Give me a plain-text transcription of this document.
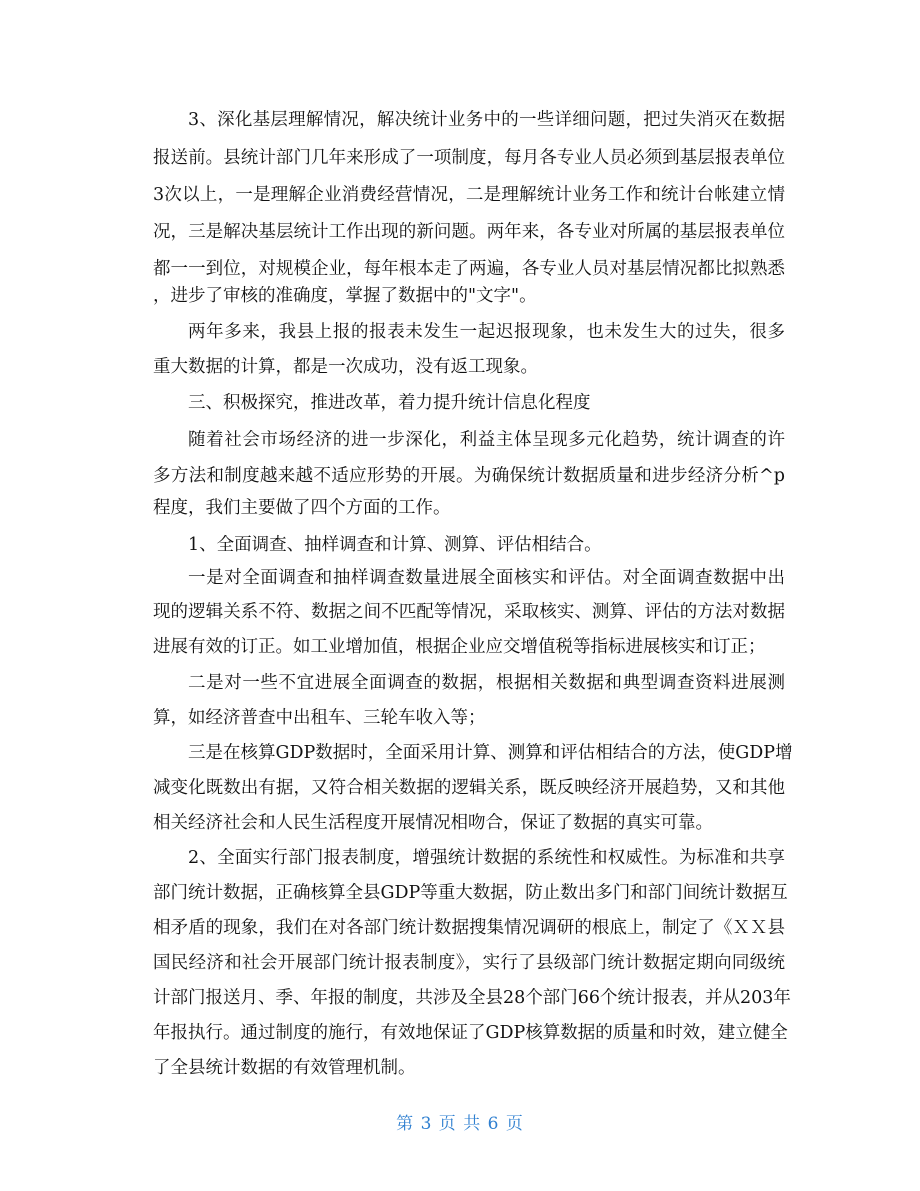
3、深化基层理解情况，解决统计业务中的一些详细问题，把过失消灭在数据
报送前。县统计部门几年来形成了一项制度，每月各专业人员必须到基层报表单位
3次以上，一是理解企业消费经营情况，二是理解统计业务工作和统计台帐建立情
况，三是解决基层统计工作出现的新问题。两年来，各专业对所属的基层报表单位
都一一到位，对规模企业，每年根本走了两遍，各专业人员对基层情况都比拟熟悉
，进步了审核的准确度，掌握了数据中的"文字"。
两年多来，我县上报的报表未发生一起迟报现象，也未发生大的过失，很多
重大数据的计算，都是一次成功，没有返工现象。
三、积极探究，推进改革，着力提升统计信息化程度
随着社会市场经济的进一步深化，利益主体呈现多元化趋势，统计调查的许
多方法和制度越来越不适应形势的开展。为确保统计数据质量和进步经济分析^p
程度，我们主要做了四个方面的工作。
1、全面调查、抽样调查和计算、测算、评估相结合。
一是对全面调查和抽样调查数量进展全面核实和评估。对全面调查数据中出
现的逻辑关系不符、数据之间不匹配等情况，采取核实、测算、评估的方法对数据
进展有效的订正。如工业增加值，根据企业应交增值税等指标进展核实和订正；
二是对一些不宜进展全面调查的数据，根据相关数据和典型调查资料进展测
算，如经济普查中出租车、三轮车收入等；
三是在核算GDP数据时，全面采用计算、测算和评估相结合的方法，使GDP增
减变化既数出有据，又符合相关数据的逻辑关系，既反映经济开展趋势，又和其他
相关经济社会和人民生活程度开展情况相吻合，保证了数据的真实可靠。
2、全面实行部门报表制度，增强统计数据的系统性和权威性。为标准和共享
部门统计数据，正确核算全县GDP等重大数据，防止数出多门和部门间统计数据互
相矛盾的现象，我们在对各部门统计数据搜集情况调研的根底上，制定了《ＸＸ县
国民经济和社会开展部门统计报表制度》，实行了县级部门统计数据定期向同级统
计部门报送月、季、年报的制度，共涉及全县28个部门66个统计报表，并从203年
年报执行。通过制度的施行，有效地保证了GDP核算数据的质量和时效，建立健全
了全县统计数据的有效管理机制。
第 3 页 共 6 页
